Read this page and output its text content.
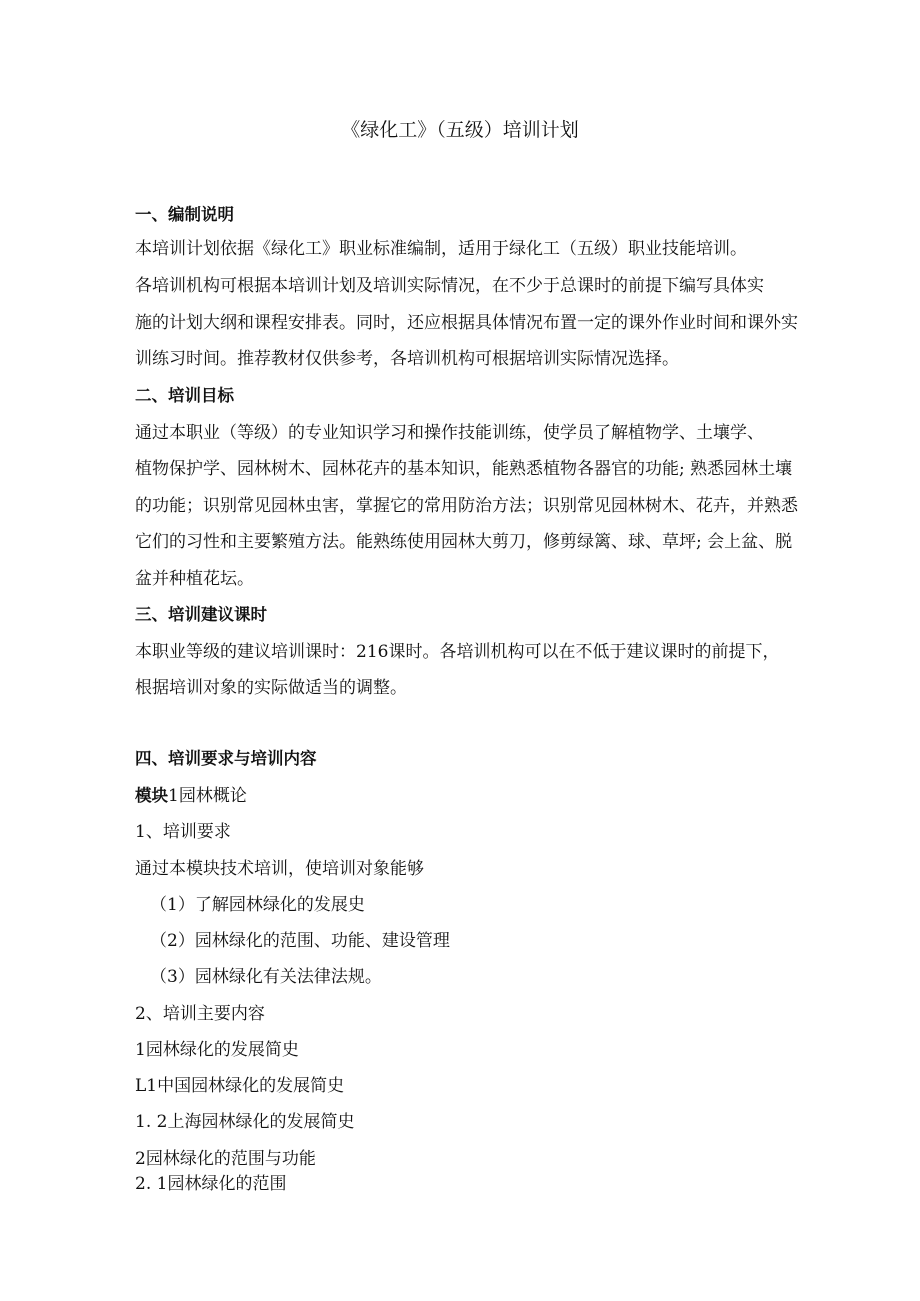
《绿化工》（五级）培训计划
一、编制说明
本培训计划依据《绿化工》职业标准编制，适用于绿化工（五级）职业技能培训。
各培训机构可根据本培训计划及培训实际情况，在不少于总课时的前提下编写具体实
施的计划大纲和课程安排表。同时，还应根据具体情况布置一定的课外作业时间和课外实
训练习时间。推荐教材仅供参考，各培训机构可根据培训实际情况选择。
二、培训目标
通过本职业（等级）的专业知识学习和操作技能训练，使学员了解植物学、土壤学、
植物保护学、园林树木、园林花卉的基本知识，能熟悉植物各器官的功能; 熟悉园林土壤
的功能；识别常见园林虫害，掌握它的常用防治方法；识别常见园林树木、花卉，并熟悉
它们的习性和主要繁殖方法。能熟练使用园林大剪刀，修剪绿篱、球、草坪; 会上盆、脱
盆并种植花坛。
三、培训建议课时
本职业等级的建议培训课时：216课时。各培训机构可以在不低于建议课时的前提下，
根据培训对象的实际做适当的调整。
四、培训要求与培训内容
模块1园林概论
1、培训要求
通过本模块技术培训，使培训对象能够
（1）了解园林绿化的发展史
（2）园林绿化的范围、功能、建设管理
（3）园林绿化有关法律法规。
2、培训主要内容
1园林绿化的发展简史
L1中国园林绿化的发展简史
1. 2上海园林绿化的发展简史
2园林绿化的范围与功能
2. 1园林绿化的范围
